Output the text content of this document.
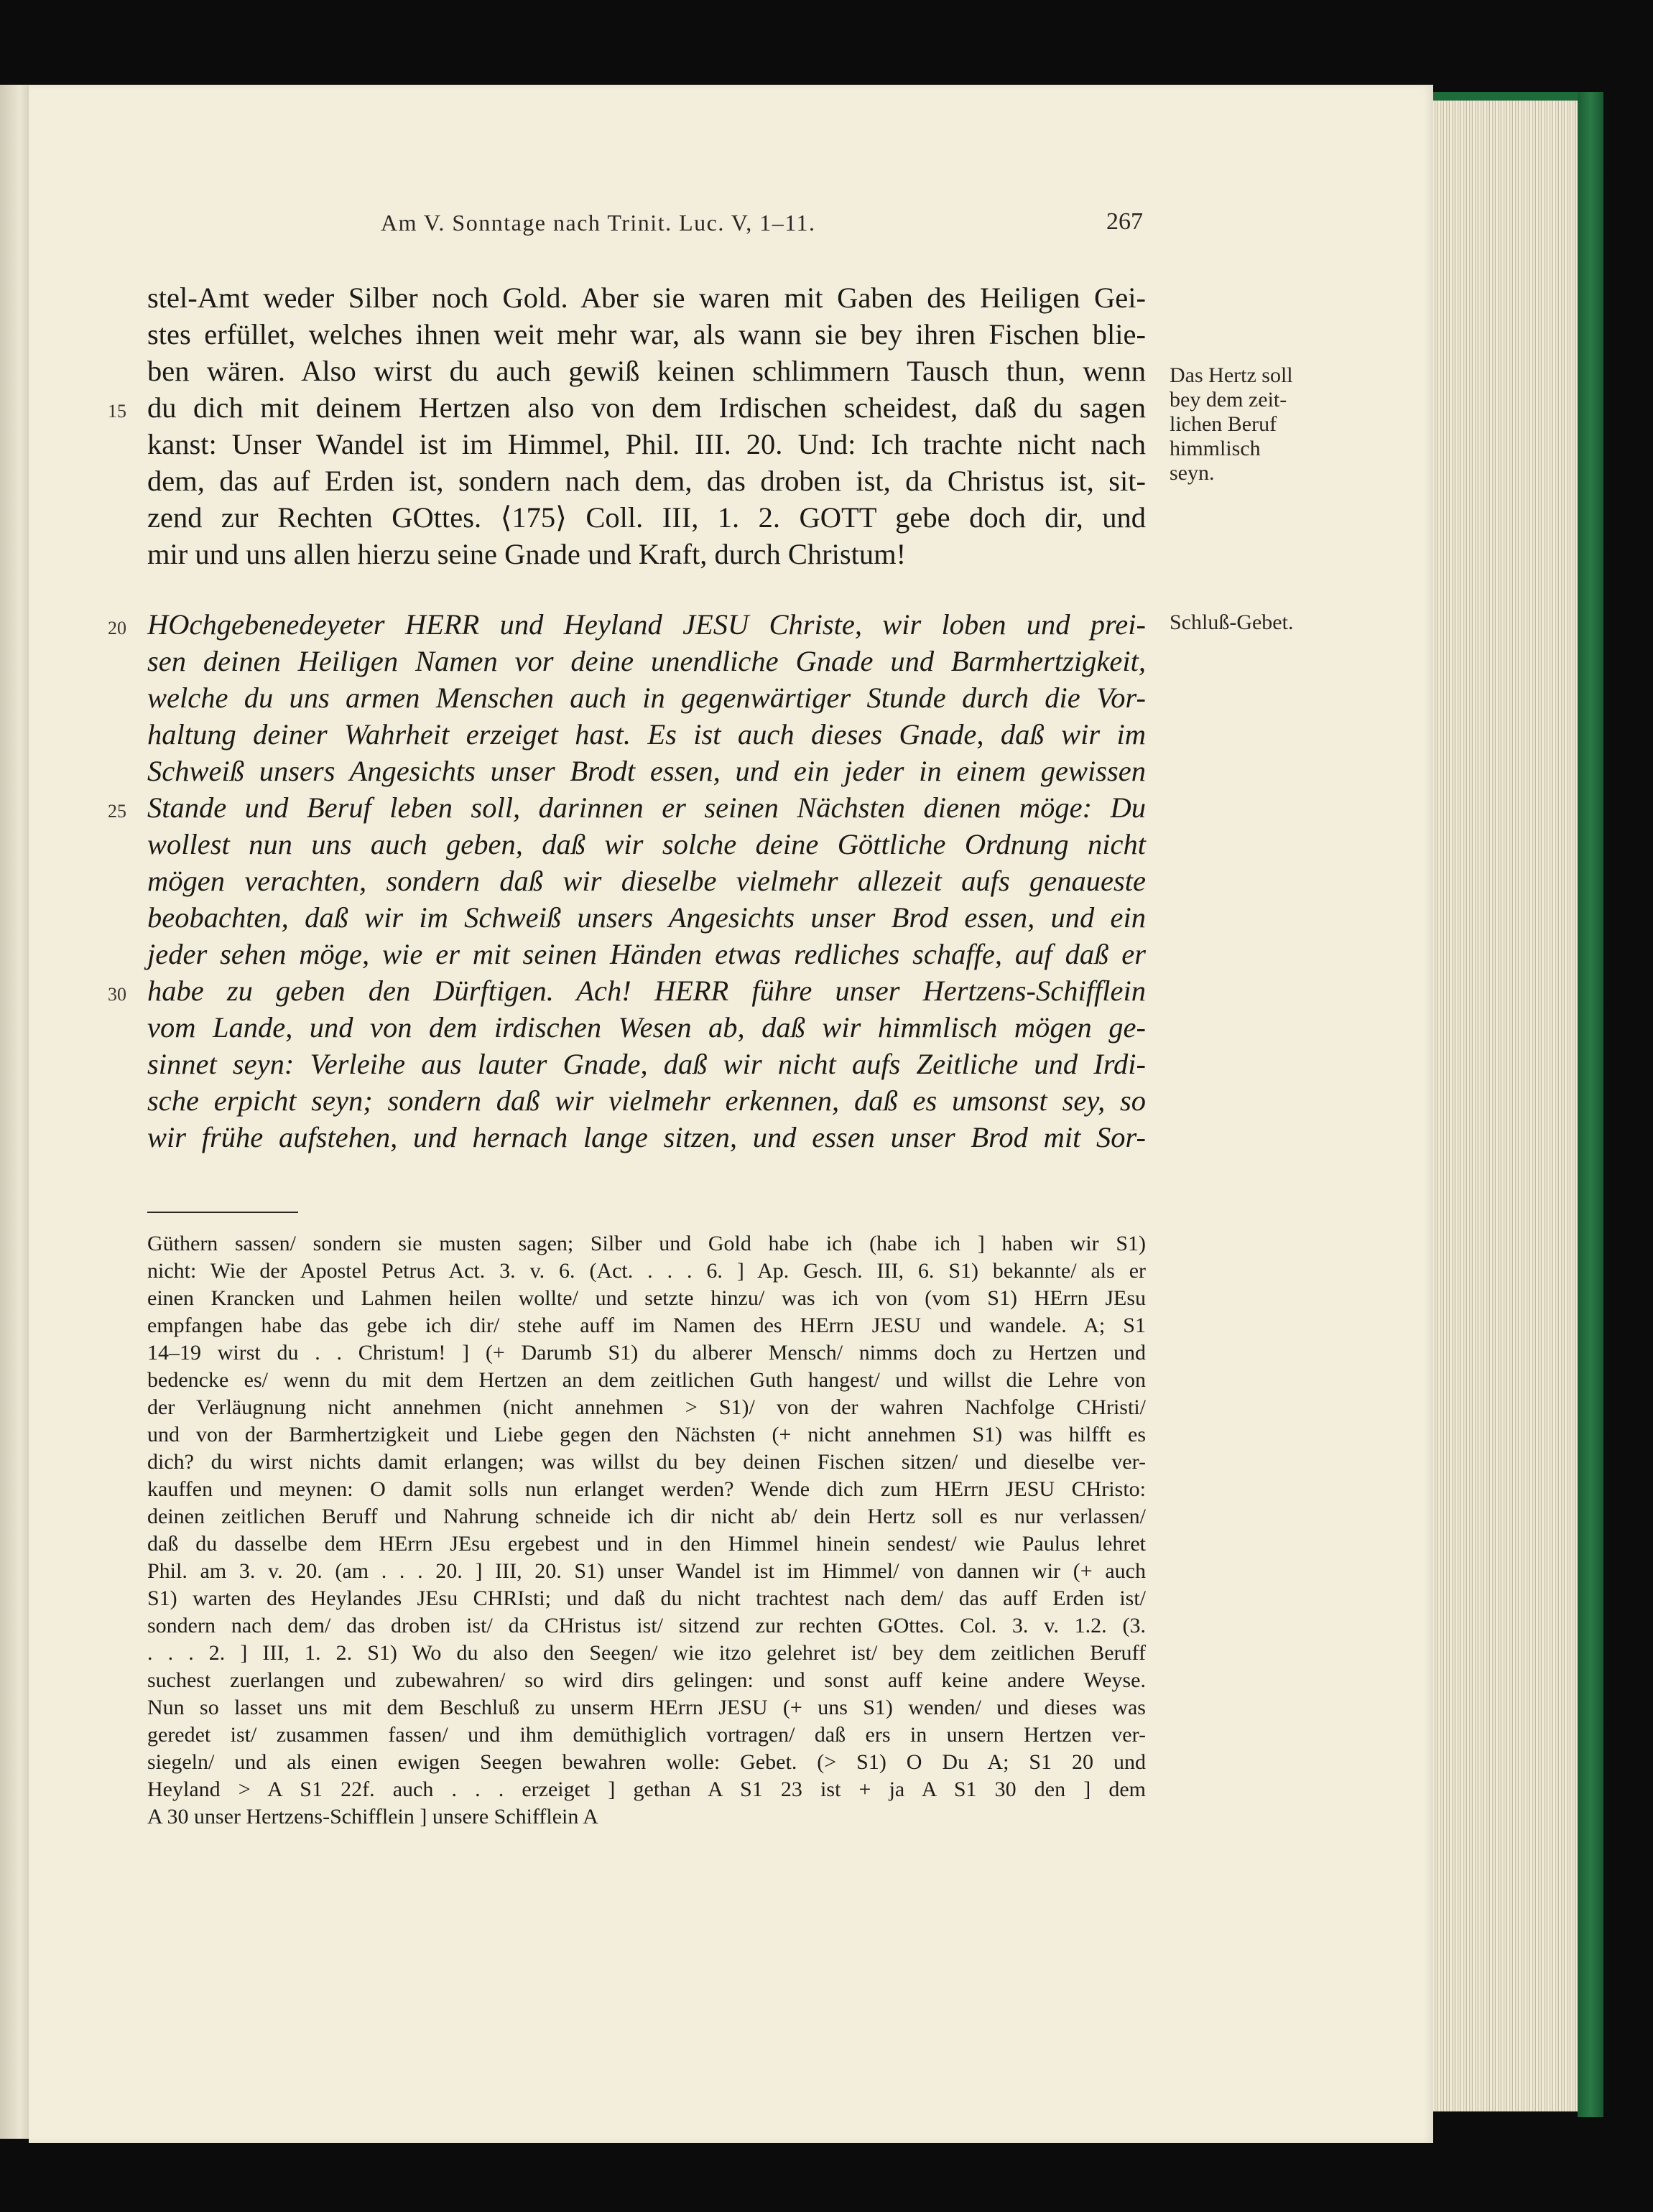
Am V. Sonntage nach Trinit. Luc. V, 1–11.	267
stel-Amt weder Silber noch Gold. Aber sie waren mit Gaben des Heiligen Gei-
stes erfüllet, welches ihnen weit mehr war, als wann sie bey ihren Fischen blie-
ben wären. Also wirst du auch gewiß keinen schlimmern Tausch thun, wenn
du dich mit deinem Hertzen also von dem Irdischen scheidest, daß du sagen
kanst: Unser Wandel ist im Himmel, Phil. III. 20. Und: Ich trachte nicht nach
dem, das auf Erden ist, sondern nach dem, das droben ist, da Christus ist, sit-
zend zur Rechten GOttes. ⟨175⟩ Coll. III, 1. 2. GOTT gebe doch dir, und
mir und uns allen hierzu seine Gnade und Kraft, durch Christum!
HOchgebenedeyeter HERR und Heyland JESU Christe, wir loben und prei-
sen deinen Heiligen Namen vor deine unendliche Gnade und Barmhertzigkeit,
welche du uns armen Menschen auch in gegenwärtiger Stunde durch die Vor-
haltung deiner Wahrheit erzeiget hast. Es ist auch dieses Gnade, daß wir im
Schweiß unsers Angesichts unser Brodt essen, und ein jeder in einem gewissen
Stande und Beruf leben soll, darinnen er seinen Nächsten dienen möge: Du
wollest nun uns auch geben, daß wir solche deine Göttliche Ordnung nicht
mögen verachten, sondern daß wir dieselbe vielmehr allezeit aufs genaueste
beobachten, daß wir im Schweiß unsers Angesichts unser Brod essen, und ein
jeder sehen möge, wie er mit seinen Händen etwas redliches schaffe, auf daß er
habe zu geben den Dürftigen. Ach! HERR führe unser Hertzens-Schifflein
vom Lande, und von dem irdischen Wesen ab, daß wir himmlisch mögen ge-
sinnet seyn: Verleihe aus lauter Gnade, daß wir nicht aufs Zeitliche und Irdi-
sche erpicht seyn; sondern daß wir vielmehr erkennen, daß es umsonst sey, so
wir frühe aufstehen, und hernach lange sitzen, und essen unser Brod mit Sor-
15
20
25
30
Das Hertz soll
bey dem zeit-
lichen Beruf
himmlisch
seyn.
Schluß-Gebet.
Güthern sassen/ sondern sie musten sagen; Silber und Gold habe ich (habe ich ] haben wir S1)
nicht: Wie der Apostel Petrus Act. 3. v. 6. (Act. . . . 6. ] Ap. Gesch. III, 6. S1) bekannte/ als er
einen Krancken und Lahmen heilen wollte/ und setzte hinzu/ was ich von (vom S1) HErrn JEsu
empfangen habe das gebe ich dir/ stehe auff im Namen des HErrn JESU und wandele. A; S1
14–19 wirst du . . Christum! ] (+ Darumb S1) du alberer Mensch/ nimms doch zu Hertzen und
bedencke es/ wenn du mit dem Hertzen an dem zeitlichen Guth hangest/ und willst die Lehre von
der Verläugnung nicht annehmen (nicht annehmen > S1)/ von der wahren Nachfolge CHristi/
und von der Barmhertzigkeit und Liebe gegen den Nächsten (+ nicht annehmen S1) was hilfft es
dich? du wirst nichts damit erlangen; was willst du bey deinen Fischen sitzen/ und dieselbe ver-
kauffen und meynen: O damit solls nun erlanget werden? Wende dich zum HErrn JESU CHristo:
deinen zeitlichen Beruff und Nahrung schneide ich dir nicht ab/ dein Hertz soll es nur verlassen/
daß du dasselbe dem HErrn JEsu ergebest und in den Himmel hinein sendest/ wie Paulus lehret
Phil. am 3. v. 20. (am . . . 20. ] III, 20. S1) unser Wandel ist im Himmel/ von dannen wir (+ auch
S1) warten des Heylandes JEsu CHRIsti; und daß du nicht trachtest nach dem/ das auff Erden ist/
sondern nach dem/ das droben ist/ da CHristus ist/ sitzend zur rechten GOttes. Col. 3. v. 1.2. (3.
. . . 2. ] III, 1. 2. S1) Wo du also den Seegen/ wie itzo gelehret ist/ bey dem zeitlichen Beruff
suchest zuerlangen und zubewahren/ so wird dirs gelingen: und sonst auff keine andere Weyse.
Nun so lasset uns mit dem Beschluß zu unserm HErrn JESU (+ uns S1) wenden/ und dieses was
geredet ist/ zusammen fassen/ und ihm demüthiglich vortragen/ daß ers in unsern Hertzen ver-
siegeln/ und als einen ewigen Seegen bewahren wolle: Gebet. (> S1) O Du A; S1 20 und
Heyland > A S1 22f. auch . . . erzeiget ] gethan A S1 23 ist + ja A S1 30 den ] dem
A 30 unser Hertzens-Schifflein ] unsere Schifflein A
